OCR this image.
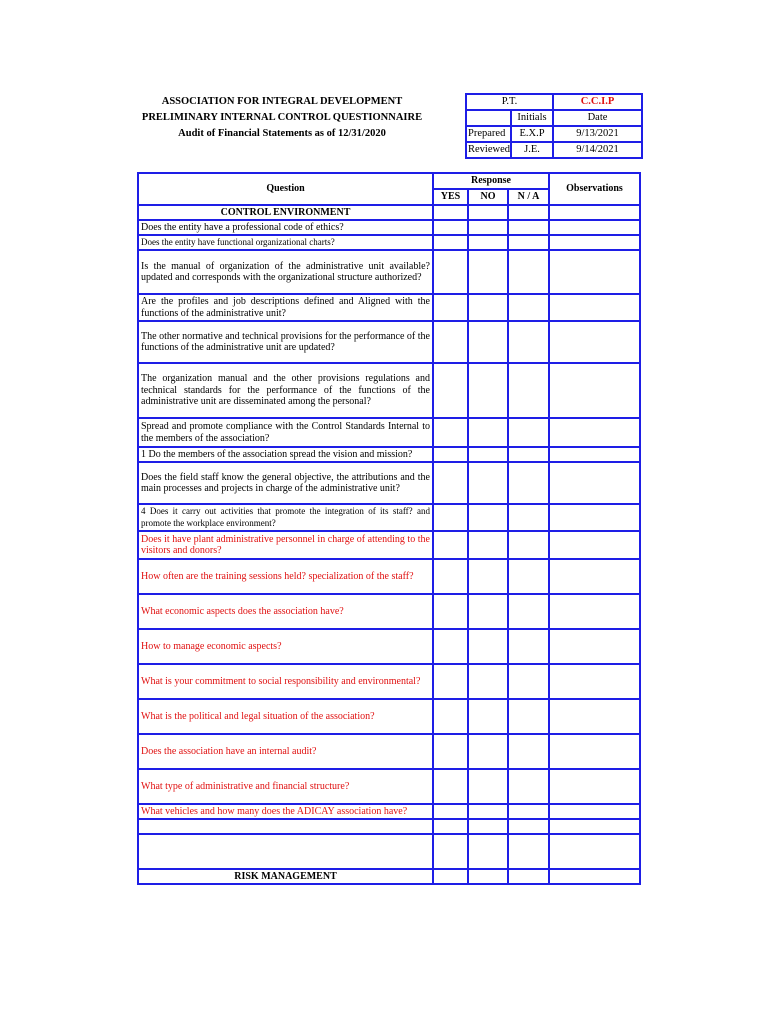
ASSOCIATION FOR INTEGRAL DEVELOPMENT
PRELIMINARY INTERNAL CONTROL QUESTIONNAIRE
Audit of Financial Statements as of 12/31/2020
P.T.		C.C.I.P
	Initials	Date
Prepared	E.X.P	9/13/2021
Reviewed	J.E.	9/14/2021
Question	Response			Observations
	YES	NO	N / A	
CONTROL ENVIRONMENT				
Does the entity have a professional code of ethics?				
Does the entity have functional organizational charts?				
Is the manual of organization of the administrative unit available? updated and corresponds with the organizational structure authorized?				
Are the profiles and job descriptions defined and Aligned with the functions of the administrative unit?				
The other normative and technical provisions for the performance of the functions of the administrative unit are updated?				
The organization manual and the other provisions regulations and technical standards for the performance of the functions of the administrative unit are disseminated among the personal?				
Spread and promote compliance with the Control Standards Internal to the members of the association?				
1 Do the members of the association spread the vision and mission?				
Does the field staff know the general objective, the attributions and the main processes and projects in charge of the administrative unit?				
4 Does it carry out activities that promote the integration of its staff? and promote the workplace environment?				
Does it have plant administrative personnel in charge of attending to the visitors and donors?				
How often are the training sessions held? specialization of the staff?				
What economic aspects does the association have?				
How to manage economic aspects?				
What is your commitment to social responsibility and environmental?				
What is the political and legal situation of the association?				
Does the association have an internal audit?				
What type of administrative and financial structure?				
What vehicles and how many does the ADICAY association have?				

RISK MANAGEMENT				
